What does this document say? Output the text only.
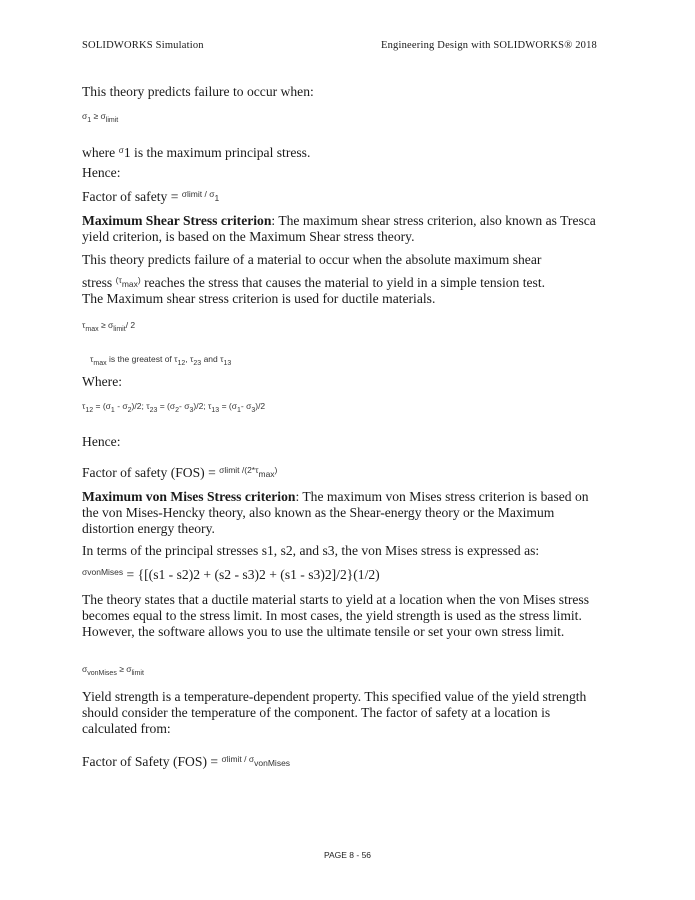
SOLIDWORKS Simulation	Engineering Design with SOLIDWORKS® 2018

This theory predicts failure to occur when:

$\sigma_1 \ge \sigma_{limit}$

where $^\sigma$1 is the maximum principal stress.

Hence:

Factor of safety = $^{\sigma limit}$ $^{/ \sigma}$1

Maximum Shear Stress criterion: The maximum shear stress criterion, also known as Tresca yield criterion, is based on the Maximum Shear stress theory.

This theory predicts failure of a material to occur when the absolute maximum shear

stress $^{(\tau}$max) reaches the stress that causes the material to yield in a simple tension test.

The Maximum shear stress criterion is used for ductile materials.

$\tau_{max} \ge \sigma_{limit}/$ 2
$\tau_{max}$ is the greatest of $\tau_{12}$, $\tau_{23}$ and $\tau_{13}$

Where:

$\tau_{12} = (\sigma_1 - \sigma_2)/2$; $\tau_{23} = (\sigma_2-$ $\sigma_3)/2$; $\tau_{13} = (\sigma_1-$ $\sigma_3)/2$

Hence:

Factor of safety (FOS) = $^{\sigma limit}$ $^{/(2*\tau}$max)

Maximum von Mises Stress criterion: The maximum von Mises stress criterion is based on the von Mises-Hencky theory, also known as the Shear-energy theory or the Maximum distortion energy theory.

In terms of the principal stresses s1, s2, and s3, the von Mises stress is expressed as:

$^{\sigma vonMises}$ = {[(s1 - s2)2 + (s2 - s3)2 + (s1 - s3)2]/2}(1/2)

The theory states that a ductile material starts to yield at a location when the von Mises stress becomes equal to the stress limit. In most cases, the yield strength is used as the stress limit. However, the software allows you to use the ultimate tensile or set your own stress limit.

$\sigma_{vonMises} \ge \sigma_{limit}$

Yield strength is a temperature-dependent property. This specified value of the yield strength should consider the temperature of the component. The factor of safety at a location is calculated from:

Factor of Safety (FOS) = $^{\sigma limit}$ $^{/ \sigma}$vonMises

PAGE 8 - 56
